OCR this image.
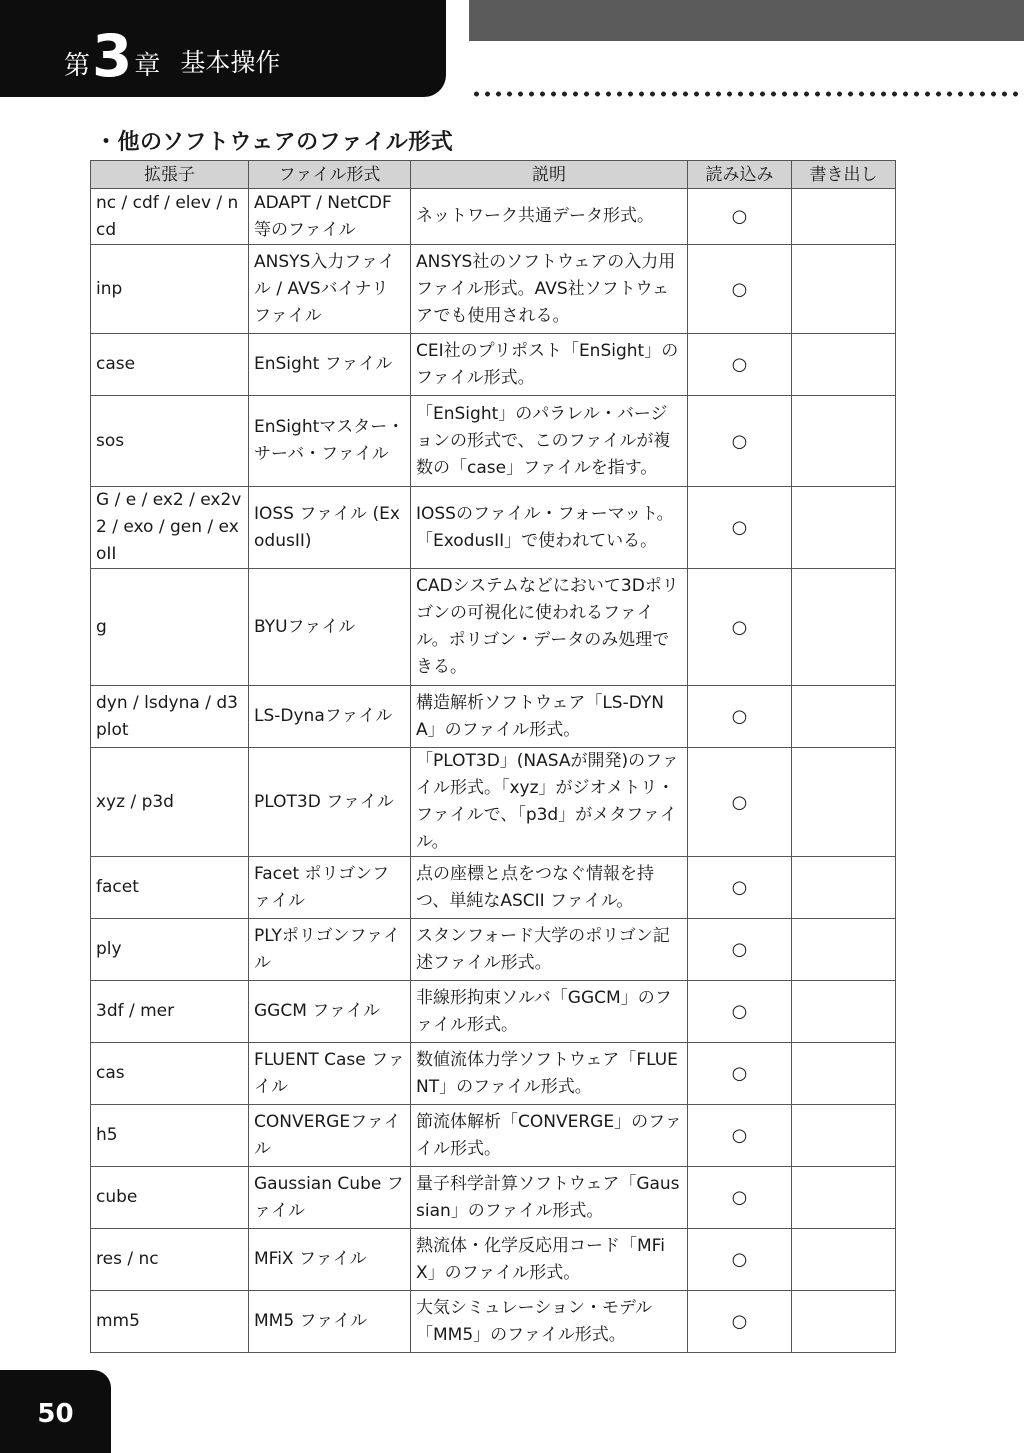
第 3 章 基本操作
・他のソフトウェアのファイル形式
拡張子	ファイル形式	説明	読み込み	書き出し
nc / cdf / elev / ncd	ADAPT / NetCDF 等のファイル	ネットワーク共通データ形式。	○	
inp	ANSYS入力ファイル / AVSバイナリファイル	ANSYS社のソフトウェアの入力用ファイル形式。AVS社ソフトウェアでも使用される。	○	
case	EnSight ファイル	CEI社のプリポスト「EnSight」のファイル形式。	○	
sos	EnSightマスター・サーバ・ファイル	「EnSight」のパラレル・バージョンの形式で、このファイルが複数の「case」ファイルを指す。	○	
G / e / ex2 / ex2v2 / exo / gen / exoII	IOSS ファイル (ExodusII)	IOSSのファイル・フォーマット。「ExodusII」で使われている。	○	
g	BYUファイル	CADシステムなどにおいて3Dポリゴンの可視化に使われるファイル。ポリゴン・データのみ処理できる。	○	
dyn / lsdyna / d3plot	LS-Dynaファイル	構造解析ソフトウェア「LS-DYNA」のファイル形式。	○	
xyz / p3d	PLOT3D ファイル	「PLOT3D」(NASAが開発)のファイル形式。「xyz」がジオメトリ・ファイルで、「p3d」がメタファイル。	○	
facet	Facet ポリゴンファイル	点の座標と点をつなぐ情報を持つ、単純なASCII ファイル。	○	
ply	PLYポリゴンファイル	スタンフォード大学のポリゴン記述ファイル形式。	○	
3df / mer	GGCM ファイル	非線形拘束ソルバ「GGCM」のファイル形式。	○	
cas	FLUENT Case ファイル	数値流体力学ソフトウェア「FLUENT」のファイル形式。	○	
h5	CONVERGEファイル	節流体解析「CONVERGE」のファイル形式。	○	
cube	Gaussian Cube ファイル	量子科学計算ソフトウェア「Gaussian」のファイル形式。	○	
res / nc	MFiX ファイル	熱流体・化学反応用コード「MFiX」のファイル形式。	○	
mm5	MM5 ファイル	大気シミュレーション・モデル「MM5」のファイル形式。	○	
50
